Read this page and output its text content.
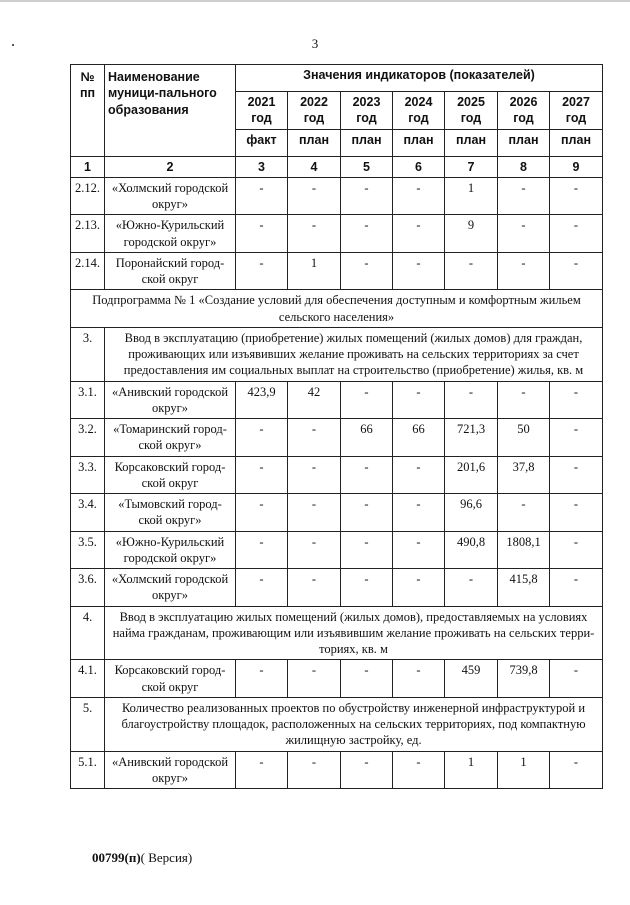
3
№ пп	Наименование муници-пального образования	Значения индикаторов (показателей)						
		2021 год	2022 год	2023 год	2024 год	2025 год	2026 год	2027 год
		факт	план	план	план	план	план	план
1	2	3	4	5	6	7	8	9
2.12.	«Холмский городской округ»	-	-	-	-	1	-	-
2.13.	«Южно-Курильский городской округ»	-	-	-	-	9	-	-
2.14.	Поронайский город-ской округ	-	1	-	-	-	-	-
Подпрограмма № 1 «Создание условий для обеспечения доступным и комфортным жильем сельского населения»								
3.	Ввод в эксплуатацию (приобретение) жилых помещений (жилых домов) для граждан, проживающих или изъявивших желание проживать на сельских территориях за счет предоставления им социальных выплат на строительство (приобретение) жилья, кв. м							
3.1.	«Анивский городской округ»	423,9	42	-	-	-	-	-
3.2.	«Томаринский город-ской округ»	-	-	66	66	721,3	50	-
3.3.	Корсаковский город-ской округ	-	-	-	-	201,6	37,8	-
3.4.	«Тымовский город-ской округ»	-	-	-	-	96,6	-	-
3.5.	«Южно-Курильский городской округ»	-	-	-	-	490,8	1808,1	-
3.6.	«Холмский городской округ»	-	-	-	-	-	415,8	-
4.	Ввод в эксплуатацию жилых помещений (жилых домов), предоставляемых на условиях найма гражданам, проживающим или изъявившим желание проживать на сельских терри-ториях, кв. м							
4.1.	Корсаковский город-ской округ	-	-	-	-	459	739,8	-
5.	Количество реализованных проектов по обустройству инженерной инфраструктурой и благоустройству площадок, расположенных на сельских территориях, под компактную жилищную застройку, ед.							
5.1.	«Анивский городской округ»	-	-	-	-	1	1	-
00799(п)( Версия)
